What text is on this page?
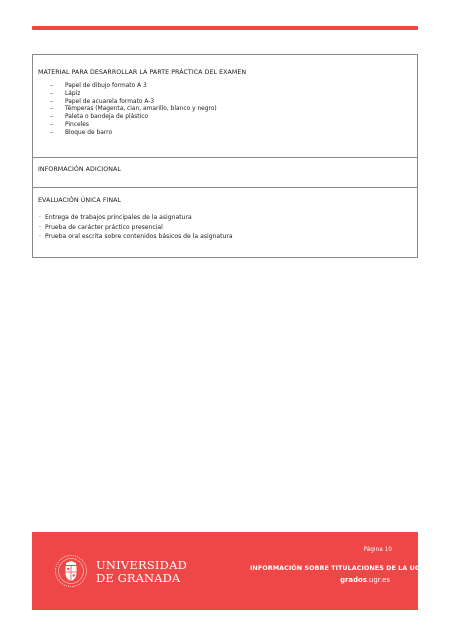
MATERIAL PARA DESARROLLAR LA PARTE PRÁCTICA DEL EXAMEN
– Papel de dibujo formato A 3
– Lápiz
– Papel de acuarela formato A-3
– Témperas (Magenta, cian, amarillo, blanco y negro)
– Paleta o bandeja de plástico
– Pinceles
– Bloque de barro
INFORMACIÓN ADICIONAL
EVALUACIÓN ÚNICA FINAL
· Entrega de trabajos principales de la asignatura
· Prueba de carácter práctico presencial
· Prueba oral escrita sobre contenidos básicos de la asignatura
UNIVERSIDAD
DE GRANADA
Página 10
INFORMACIÓN SOBRE TITULACIONES DE LA UGR
grados.ugr.es
